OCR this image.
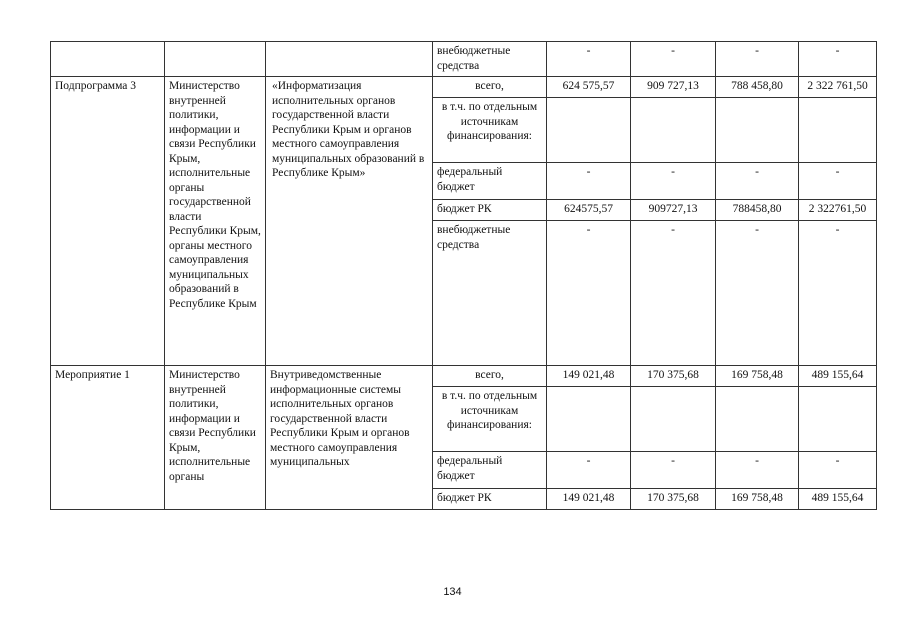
			внебюджетные средства	-	-	-	-
Подпрограмма 3	Министерство внутренней политики, информации и связи Республики Крым, исполнительные органы государственной власти Республики Крым, органы местного самоуправления муниципальных образований в Республике Крым	«Информатизация исполнительных органов государственной власти Республики Крым и органов местного самоуправления муниципальных образований в Республике Крым»	всего,	624 575,57	909 727,13	788 458,80	2 322 761,50
			в т.ч. по отдельным источникам финансирования:				
			федеральный бюджет	-	-	-	-
			бюджет РК	624575,57	909727,13	788458,80	2 322761,50
			внебюджетные средства	-	-	-	-
Мероприятие 1	Министерство внутренней политики, информации и связи Республики Крым, исполнительные органы	Внутриведомственные информационные системы исполнительных органов государственной власти Республики Крым и органов местного самоуправления муниципальных	всего,	149 021,48	170 375,68	169 758,48	489 155,64
			в т.ч. по отдельным источникам финансирования:				
			федеральный бюджет	-	-	-	-
			бюджет РК	149 021,48	170 375,68	169 758,48	489 155,64
134
